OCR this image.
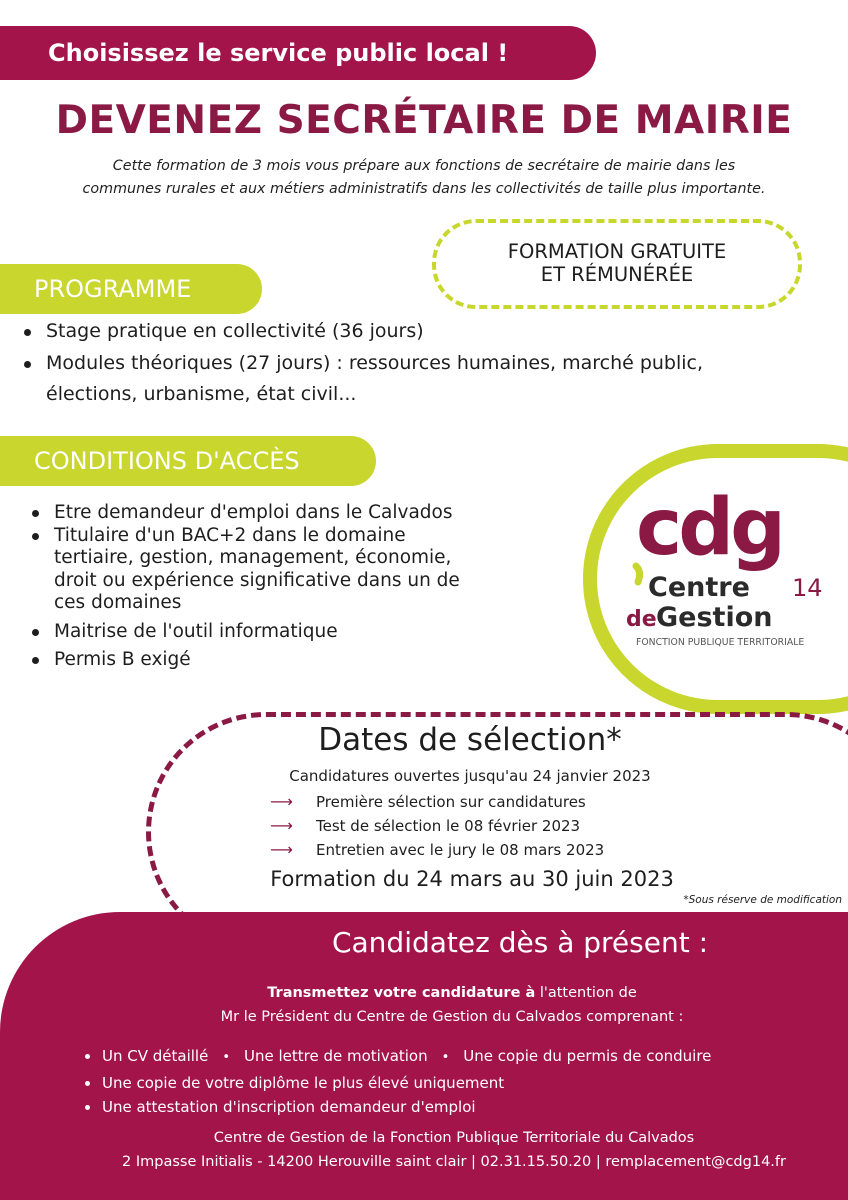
Choisissez le service public local !
DEVENEZ SECRÉTAIRE DE MAIRIE
Cette formation de 3 mois vous prépare aux fonctions de secrétaire de mairie dans les
communes rurales et aux métiers administratifs dans les collectivités de taille plus importante.
FORMATION GRATUITE
ET RÉMUNÉRÉE
PROGRAMME
Stage pratique en collectivité (36 jours)
Modules théoriques (27 jours) : ressources humaines, marché public,
élections, urbanisme, état civil...
CONDITIONS D'ACCÈS
Etre demandeur d'emploi dans le Calvados
Titulaire d'un BAC+2 dans le domaine
tertiaire, gestion, management, économie,
droit ou expérience significative dans un de
ces domaines
Maitrise de l'outil informatique
Permis B exigé
cdg
Centre 14
de Gestion
FONCTION PUBLIQUE TERRITORIALE
Dates de sélection*
Candidatures ouvertes jusqu'au 24 janvier 2023
⟶ Première sélection sur candidatures
⟶ Test de sélection le 08 février 2023
⟶ Entretien avec le jury le 08 mars 2023
Formation du 24 mars au 30 juin 2023
*Sous réserve de modification
Candidatez dès à présent :
Transmettez votre candidature à l'attention de
Mr le Président du Centre de Gestion du Calvados comprenant :
Un CV détaillé • Une lettre de motivation • Une copie du permis de conduire
Une copie de votre diplôme le plus élevé uniquement
Une attestation d'inscription demandeur d'emploi
Centre de Gestion de la Fonction Publique Territoriale du Calvados
2 Impasse Initialis - 14200 Herouville saint clair | 02.31.15.50.20 | remplacement@cdg14.fr
